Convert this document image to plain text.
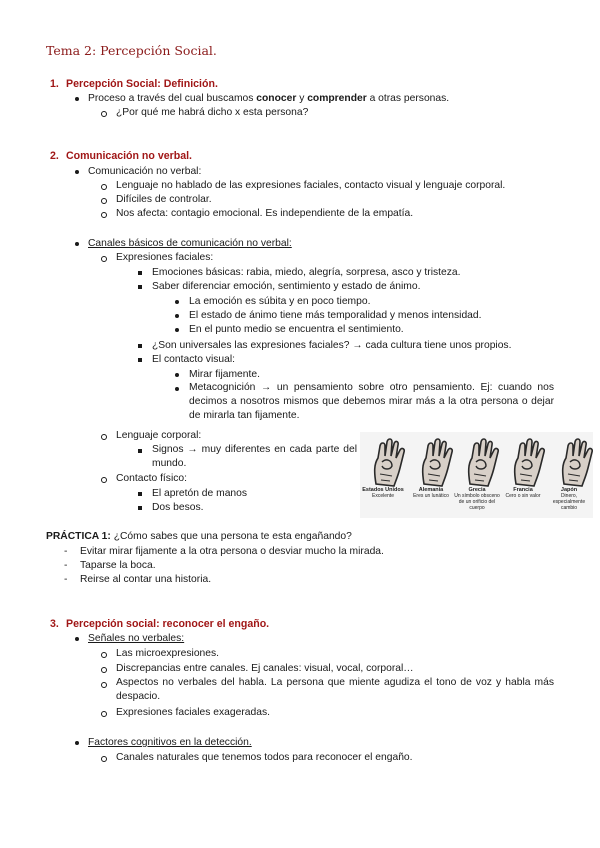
Tema 2: Percepción Social.
1. Percepción Social: Definición.
Proceso a través del cual buscamos conocer y comprender a otras personas.
¿Por qué me habrá dicho x esta persona?
2. Comunicación no verbal.
Comunicación no verbal:
Lenguaje no hablado de las expresiones faciales, contacto visual y lenguaje corporal.
Difíciles de controlar.
Nos afecta: contagio emocional. Es independiente de la empatía.
Canales básicos de comunicación no verbal:
Expresiones faciales:
Emociones básicas: rabia, miedo, alegría, sorpresa, asco y tristeza.
Saber diferenciar emoción, sentimiento y estado de ánimo.
La emoción es súbita y en poco tiempo.
El estado de ánimo tiene más temporalidad y menos intensidad.
En el punto medio se encuentra el sentimiento.
¿Son universales las expresiones faciales? → cada cultura tiene unos propios.
El contacto visual:
Mirar fijamente.
Metacognición → un pensamiento sobre otro pensamiento. Ej: cuando nos decimos a nosotros mismos que debemos mirar más a la otra persona o dejar de mirarla tan fijamente.
Lenguaje corporal:
Signos → muy diferentes en cada parte del mundo.
Contacto físico:
El apretón de manos
Dos besos.
Estados Unidos
Excelente
Alemania
Eres un lunático
Grecia
Un símbolo obsceno de un orificio del cuerpo
Francia
Cero o sin valor
Japón
Dinero, especialmente cambio
PRÁCTICA 1: ¿Cómo sabes que una persona te esta engañando?
- Evitar mirar fijamente a la otra persona o desviar mucho la mirada.
- Taparse la boca.
- Reirse al contar una historia.
3. Percepción social: reconocer el engaño.
Señales no verbales:
Las microexpresiones.
Discrepancias entre canales. Ej canales: visual, vocal, corporal…
Aspectos no verbales del habla. La persona que miente agudiza el tono de voz y habla más despacio.
Expresiones faciales exageradas.
Factores cognitivos en la detección.
Canales naturales que tenemos todos para reconocer el engaño.
